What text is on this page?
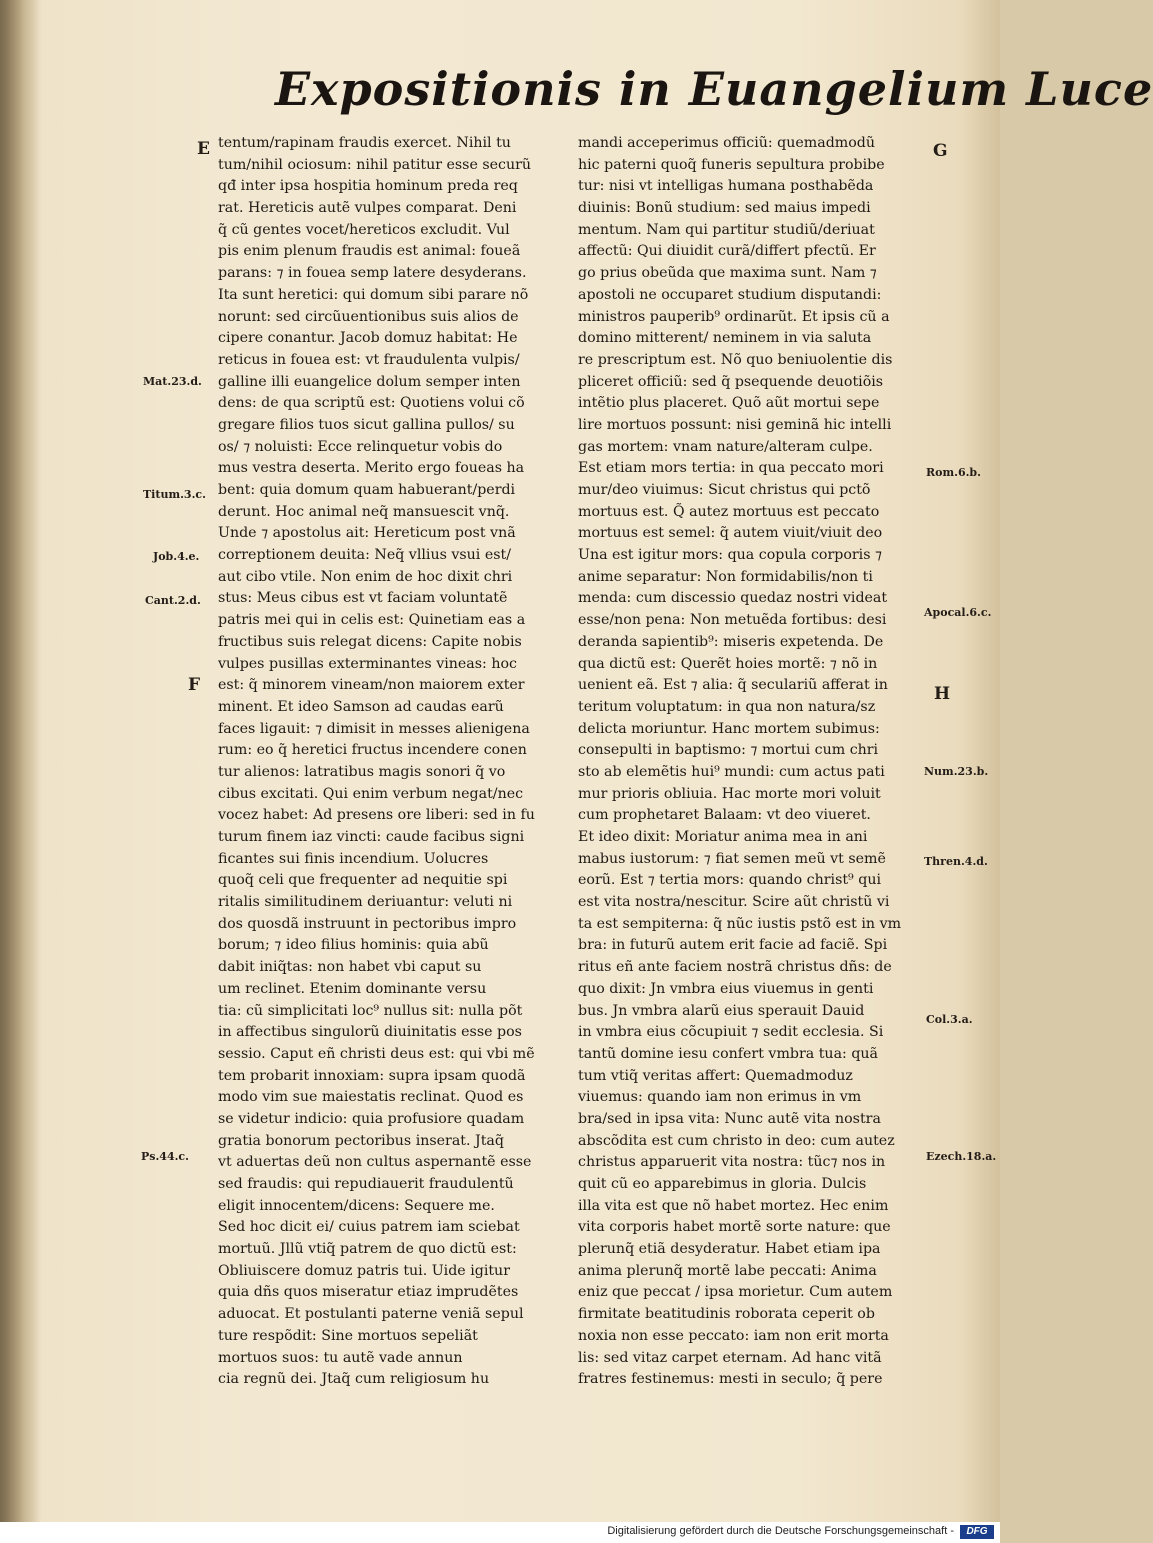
Expositionis in Euangelium Luce
tentum/rapinam fraudis exercet. Nihil tu
tum/nihil ociosum: nihil patitur esse securũ
qđ inter ipsa hospitia hominum preda req
rat. Hereticis autẽ vulpes comparat. Deni
q̃ cũ gentes vocet/hereticos excludit. Vul
pis enim plenum fraudis est animal: foueã
parans: ⁊ in fouea semp latere desyderans.
Ita sunt heretici: qui domum sibi parare nõ
norunt: sed circũuentionibus suis alios de
cipere conantur. Jacob domuz habitat: He
reticus in fouea est: vt fraudulenta vulpis/
galline illi euangelice dolum semper inten
dens: de qua scriptũ est: Quotiens volui cõ
gregare filios tuos sicut gallina pullos/ su
os/ ⁊ noluisti: Ecce relinquetur vobis do
mus vestra deserta. Merito ergo foueas ha
bent: quia domum quam habuerant/perdi
derunt. Hoc animal neq̃ mansuescit vnq̃.
Unde ⁊ apostolus ait: Hereticum post vnã
correptionem deuita: Neq̃ vllius vsui est/
aut cibo vtile. Non enim de hoc dixit chri
stus: Meus cibus est vt faciam voluntatẽ
patris mei qui in celis est: Quinetiam eas a
fructibus suis relegat dicens: Capite nobis
vulpes pusillas exterminantes vineas: hoc
est: q̃ minorem vineam/non maiorem exter
minent. Et ideo Samson ad caudas earũ
faces ligauit: ⁊ dimisit in messes alienigena
rum: eo q̃ heretici fructus incendere conen
tur alienos: latratibus magis sonori q̃ vo
cibus excitati. Qui enim verbum negat/nec
vocez habet: Ad presens ore liberi: sed in fu
turum finem iaz vincti: caude facibus signi
ficantes sui finis incendium. Uolucres
quoq̃ celi que frequenter ad nequitie spi
ritalis similitudinem deriuantur: veluti ni
dos quosdã instruunt in pectoribus impro
borum; ⁊ ideo filius hominis: quia abũ
dabit iniq̃tas: non habet vbi caput su
um reclinet. Etenim dominante versu
tia: cũ simplicitati loc⁹ nullus sit: nulla põt
in affectibus singulorũ diuinitatis esse pos
sessio. Caput eñ christi deus est: qui vbi mẽ
tem probarit innoxiam: supra ipsam quodã
modo vim sue maiestatis reclinat. Quod es
se videtur indicio: quia profusiore quadam
gratia bonorum pectoribus inserat. Jtaq̃
vt aduertas deũ non cultus aspernantẽ esse
sed fraudis: qui repudiauerit fraudulentũ
eligit innocentem/dicens: Sequere me.
Sed hoc dicit ei/ cuius patrem iam sciebat
mortuũ. Jllũ vtiq̃ patrem de quo dictũ est:
Obliuiscere domuz patris tui. Uide igitur
quia dñs quos miseratur etiaz imprudẽtes
aduocat. Et postulanti paterne veniã sepul
ture respõdit: Sine mortuos sepeliãt
mortuos suos: tu autẽ vade annun
cia regnũ dei. Jtaq̃ cum religiosum hu
mandi acceperimus officiũ: quemadmodũ
hic paterni quoq̃ funeris sepultura probibe
tur: nisi vt intelligas humana posthabẽda
diuinis: Bonũ studium: sed maius impedi
mentum. Nam qui partitur studiũ/deriuat
affectũ: Qui diuidit curã/differt pfectũ. Er
go prius obeũda que maxima sunt. Nam ⁊
apostoli ne occuparet studium disputandi:
ministros pauperib⁹ ordinarũt. Et ipsis cũ a
domino mitterent/ neminem in via saluta
re prescriptum est. Nõ quo beniuolentie dis
pliceret officiũ: sed q̃ psequende deuotiõis
intẽtio plus placeret. Quõ aũt mortui sepe
lire mortuos possunt: nisi geminã hic intelli
gas mortem: vnam nature/alteram culpe.
Est etiam mors tertia: in qua peccato mori
mur/deo viuimus: Sicut christus qui pctõ
mortuus est. Q̃ autez mortuus est peccato
mortuus est semel: q̃ autem viuit/viuit deo
Una est igitur mors: qua copula corporis ⁊
anime separatur: Non formidabilis/non ti
menda: cum discessio quedaz nostri videat
esse/non pena: Non metuẽda fortibus: desi
deranda sapientib⁹: miseris expetenda. De
qua dictũ est: Querẽt hoies mortẽ: ⁊ nõ in
uenient eã. Est ⁊ alia: q̃ seculariũ afferat in
teritum voluptatum: in qua non natura/sz
delicta moriuntur. Hanc mortem subimus:
consepulti in baptismo: ⁊ mortui cum chri
sto ab elemẽtis hui⁹ mundi: cum actus pati
mur prioris obliuia. Hac morte mori voluit
cum prophetaret Balaam: vt deo viueret.
Et ideo dixit: Moriatur anima mea in ani
mabus iustorum: ⁊ fiat semen meũ vt semẽ
eorũ. Est ⁊ tertia mors: quando christ⁹ qui
est vita nostra/nescitur. Scire aũt christũ vi
ta est sempiterna: q̃ nũc iustis pstõ est in vm
bra: in futurũ autem erit facie ad faciẽ. Spi
ritus eñ ante faciem nostrã christus dñs: de
quo dixit: Jn vmbra eius viuemus in genti
bus. Jn vmbra alarũ eius sperauit Dauid
in vmbra eius cõcupiuit ⁊ sedit ecclesia. Si
tantũ domine iesu confert vmbra tua: quã
tum vtiq̃ veritas affert: Quemadmoduz
viuemus: quando iam non erimus in vm
bra/sed in ipsa vita: Nunc autẽ vita nostra
abscõdita est cum christo in deo: cum autez
christus apparuerit vita nostra: tũc⁊ nos in
quit cũ eo apparebimus in gloria. Dulcis
illa vita est que nõ habet mortez. Hec enim
vita corporis habet mortẽ sorte nature: que
plerunq̃ etiã desyderatur. Habet etiam ipa
anima plerunq̃ mortẽ labe peccati: Anima
eniz que peccat / ipsa morietur. Cum autem
firmitate beatitudinis roborata ceperit ob
noxia non esse peccato: iam non erit morta
lis: sed vitaz carpet eternam. Ad hanc vitã
fratres festinemus: mesti in seculo; q̃ pere
E
Mat.23.d.
Titum.3.c.
Job.4.e.
Cant.2.d.
F
Ps.44.c.
G
Rom.6.b.
Apocal.6.c.
H
Num.23.b.
Thren.4.d.
Col.3.a.
Ezech.18.a.
Digitalisierung gefördert durch die Deutsche Forschungsgemeinschaft -	DFG
